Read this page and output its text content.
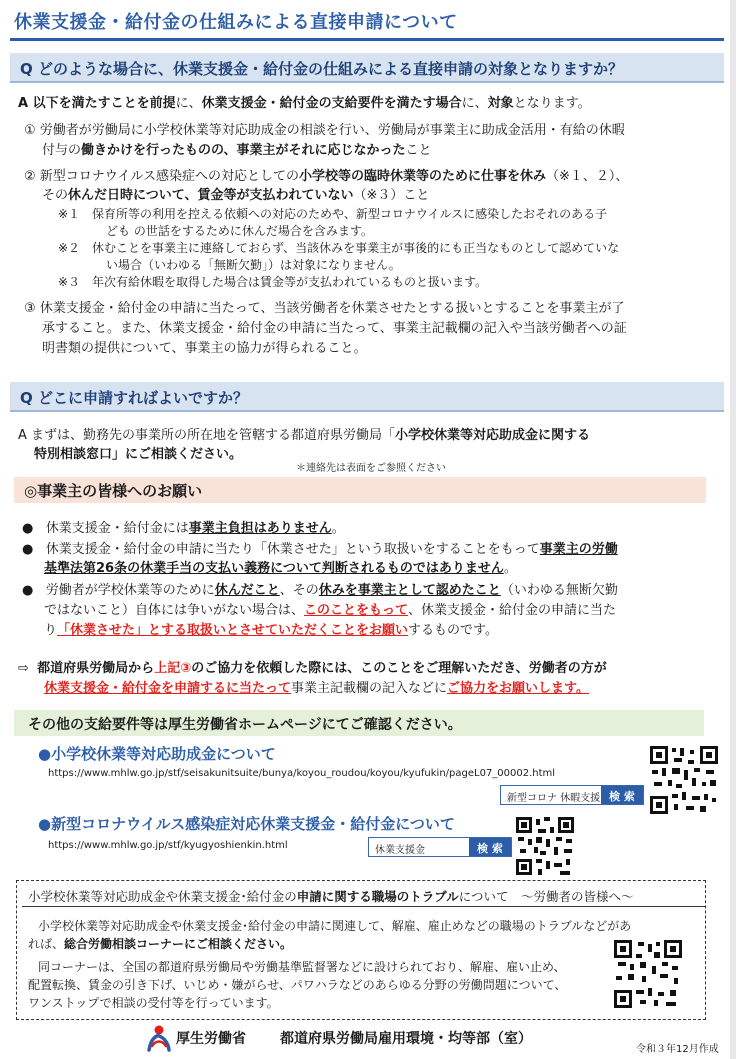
休業支援金・給付金の仕組みによる直接申請について
Q どのような場合に、休業支援金・給付金の仕組みによる直接申請の対象となりますか？
A 以下を満たすことを前提に、休業支援金・給付金の支給要件を満たす場合に、対象となります。
① 労働者が労働局に小学校休業等対応助成金の相談を行い、労働局が事業主に助成金活用・有給の休暇
付与の働きかけを行ったものの、事業主がそれに応じなかったこと
② 新型コロナウイルス感染症への対応としての小学校等の臨時休業等のために仕事を休み（※１、２）、
その休んだ日時について、賃金等が支払われていない（※３）こと
※１　保育所等の利用を控える依頼への対応のためや、新型コロナウイルスに感染したおそれのある子
ども の世話をするために休んだ場合を含みます。
※２　休むことを事業主に連絡しておらず、当該休みを事業主が事後的にも正当なものとして認めていな
い場合（いわゆる「無断欠勤」）は対象になりません。
※３　年次有給休暇を取得した場合は賃金等が支払われているものと扱います。
③ 休業支援金・給付金の申請に当たって、当該労働者を休業させたとする扱いとすることを事業主が了
承すること。また、休業支援金・給付金の申請に当たって、事業主記載欄の記入や当該労働者への証
明書類の提供について、事業主の協力が得られること。
Q どこに申請すればよいですか？
A まずは、勤務先の事業所の所在地を管轄する都道府県労働局「小学校休業等対応助成金に関する
特別相談窓口」にご相談ください。
＊連絡先は表面をご参照ください
◎事業主の皆様へのお願い
● 休業支援金・給付金には事業主負担はありません。
● 休業支援金・給付金の申請に当たり「休業させた」という取扱いをすることをもって事業主の労働
基準法第26条の休業手当の支払い義務について判断されるものではありません。
● 労働者が学校休業等のために休んだこと、その休みを事業主として認めたこと（いわゆる無断欠勤
ではないこと）自体には争いがない場合は、このことをもって、休業支援金・給付金の申請に当た
り「休業させた」とする取扱いとさせていただくことをお願いするものです。
⇨ 都道府県労働局から上記③のご協力を依頼した際には、このことをご理解いただき、労働者の方が
休業支援金・給付金を申請するに当たって事業主記載欄の記入などにご協力をお願いします。
その他の支給要件等は厚生労働省ホームページにてご確認ください。
●小学校休業等対応助成金について
https://www.mhlw.go.jp/stf/seisakunitsuite/bunya/koyou_roudou/koyou/kyufukin/pageL07_00002.html
新型コロナ 休暇支援 検 索
●新型コロナウイルス感染症対応休業支援金・給付金について
https://www.mhlw.go.jp/stf/kyugyoshienkin.html	休業支援金	検 索
小学校休業等対応助成金や休業支援金･給付金の申請に関する職場のトラブルについて　～労働者の皆様へ～
小学校休業等対応助成金や休業支援金･給付金の申請に関連して、解雇、雇止めなどの職場のトラブルなどがあ
れば、総合労働相談コーナーにご相談ください。
同コーナーは、全国の都道府県労働局や労働基準監督署などに設けられており、解雇、雇い止め、
配置転換、賃金の引き下げ、いじめ・嫌がらせ、パワハラなどのあらゆる分野の労働問題について、
ワンストップで相談の受付等を行っています。
厚生労働省 都道府県労働局雇用環境・均等部（室）
令和３年12月作成
